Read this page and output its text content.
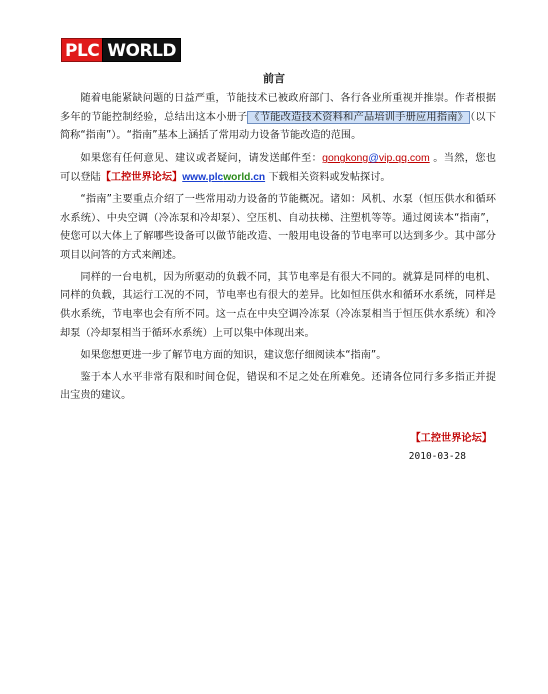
PLC WORLD
前言

随着电能紧缺问题的日益严重，节能技术已被政府部门、各行各业所重视并推崇。作者根据多年的节能控制经验，总结出这本小册子 《节能改造技术资料和产品培训手册应用指南》 （以下简称“指南”）。“指南”基本上涵括了常用动力设备节能改造的范围。

如果您有任何意见、建议或者疑问，请发送邮件至：gongkong@vip.qq.com 。当然，您也可以登陆【工控世界论坛】www.plcworld.cn 下载相关资料或发帖探讨。

“指南”主要重点介绍了一些常用动力设备的节能概况。诸如：风机、水泵（恒压供水和循环水系统）、中央空调（冷冻泵和冷却泵）、空压机、自动扶梯、注塑机等等。通过阅读本“指南”，使您可以大体上了解哪些设备可以做节能改造、一般用电设备的节电率可以达到多少。其中部分项目以问答的方式来阐述。

同样的一台电机，因为所驱动的负载不同，其节电率是有很大不同的。就算是同样的电机、同样的负载，其运行工况的不同，节电率也有很大的差异。比如恒压供水和循环水系统，同样是供水系统，节电率也会有所不同。这一点在中央空调冷冻泵（冷冻泵相当于恒压供水系统）和冷却泵（冷却泵相当于循环水系统）上可以集中体现出来。

如果您想更进一步了解节电方面的知识，建议您仔细阅读本“指南”。

鉴于本人水平非常有限和时间仓促，错误和不足之处在所难免。还请各位同行多多指正并提出宝贵的建议。

【工控世界论坛】
2010-03-28
